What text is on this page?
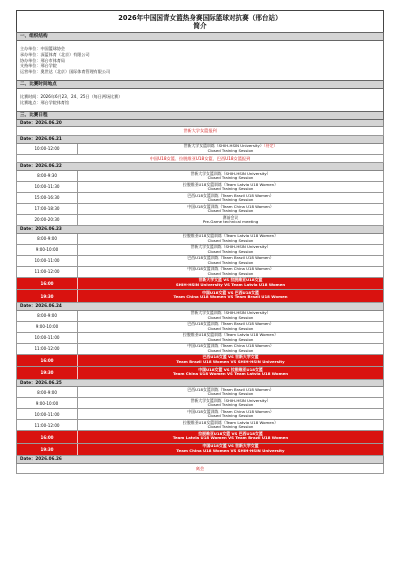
2026年中国国青女篮热身赛国际篮球对抗赛（邢台站）
简介
一、组织结构
主办单位：中国篮球协会
承办单位：深蓝体育（北京）有限公司
协办单位：邢台市体育局
支持单位：邢台学院
运营单位：奥世达（北京）国际体育管理有限公司
二、比赛时间地点
比赛时间：2026年6月23、24、25日（每日两场比赛）
比赛地点：邢台学院体育馆
三、比赛日程
Date：2026.06.20
世新大学女篮报到
Date：2026.06.21
10:00-12:00
世新大学女篮训练（SHIH-HSIN University）（待定）
Closed Training Session
中国U18女篮、拉脱维亚U18女篮、巴西U18女篮报到
Date：2026.06.22
8:00-9:30
世新大学女篮训练（SHIH-HSIN University）
Closed Training Session
10:00-11:30
拉脱维亚U18女篮训练（Team Latvia U18 Women）
Closed Training Session
15:00-16:30
巴西U18女篮训练（Team Brazil U18 Women）
Closed Training Session
17:00-18:30
中国U18女篮训练（Team China U18 Women）
Closed Training Session
20:00-20:30
赛前会议
Pre-Game technical meeting
Date：2026.06.23
8:00-9:00
拉脱维亚U18女篮训练（Team Latvia U18 Women）
Closed Training Session
9:00-10:00
世新大学女篮训练（SHIH-HSIN University）
Closed Training Session
10:00-11:00
巴西U18女篮训练（Team Brazil U18 Women）
Closed Training Session
11:00-12:00
中国U18女篮训练（Team China U18 Women）
Closed Training Session
16:00
世新大学女篮 VS 拉脱维亚U18女篮
SHIH-HSIN University VS Team Latvia U18 Women
19:30
中国U18女篮 VS 巴西U18女篮
Team China U18 Women VS Team Brazil U18 Women
Date：2026.06.24
8:00-9:00
世新大学女篮训练（SHIH-HSIN University）
Closed Training Session
9:00-10:00
巴西U18女篮训练（Team Brazil U18 Women）
Closed Training Session
10:00-11:00
拉脱维亚U18女篮训练（Team Latvia U18 Women）
Closed Training Session
11:00-12:00
中国U18女篮训练（Team China U18 Women）
Closed Training Session
16:00
巴西U18女篮 VS 世新大学女篮
Team Brazil U18 Women VS SHIH-HSIN University
19:30
中国U18女篮 VS 拉脱维亚U18女篮
Team China U18 Women VS Team Latvia U18 Women
Date：2026.06.25
8:00-9:00
巴西U18女篮训练（Team Brazil U18 Women）
Closed Training Session
9:00-10:00
世新大学女篮训练（SHIH-HSIN University）
Closed Training Session
10:00-11:00
中国U18女篮训练（Team China U18 Women）
Closed Training Session
11:00-12:00
拉脱维亚U18女篮训练（Team Latvia U18 Women）
Closed Training Session
16:00
拉脱维亚U18女篮 VS 巴西U18女篮
Team Latvia U18 Women VS Team Brazil U18 Women
19:30
中国U18女篮 VS 世新大学女篮
Team China U18 Women VS SHIH-HSIN University
Date：2026.06.26
离会
